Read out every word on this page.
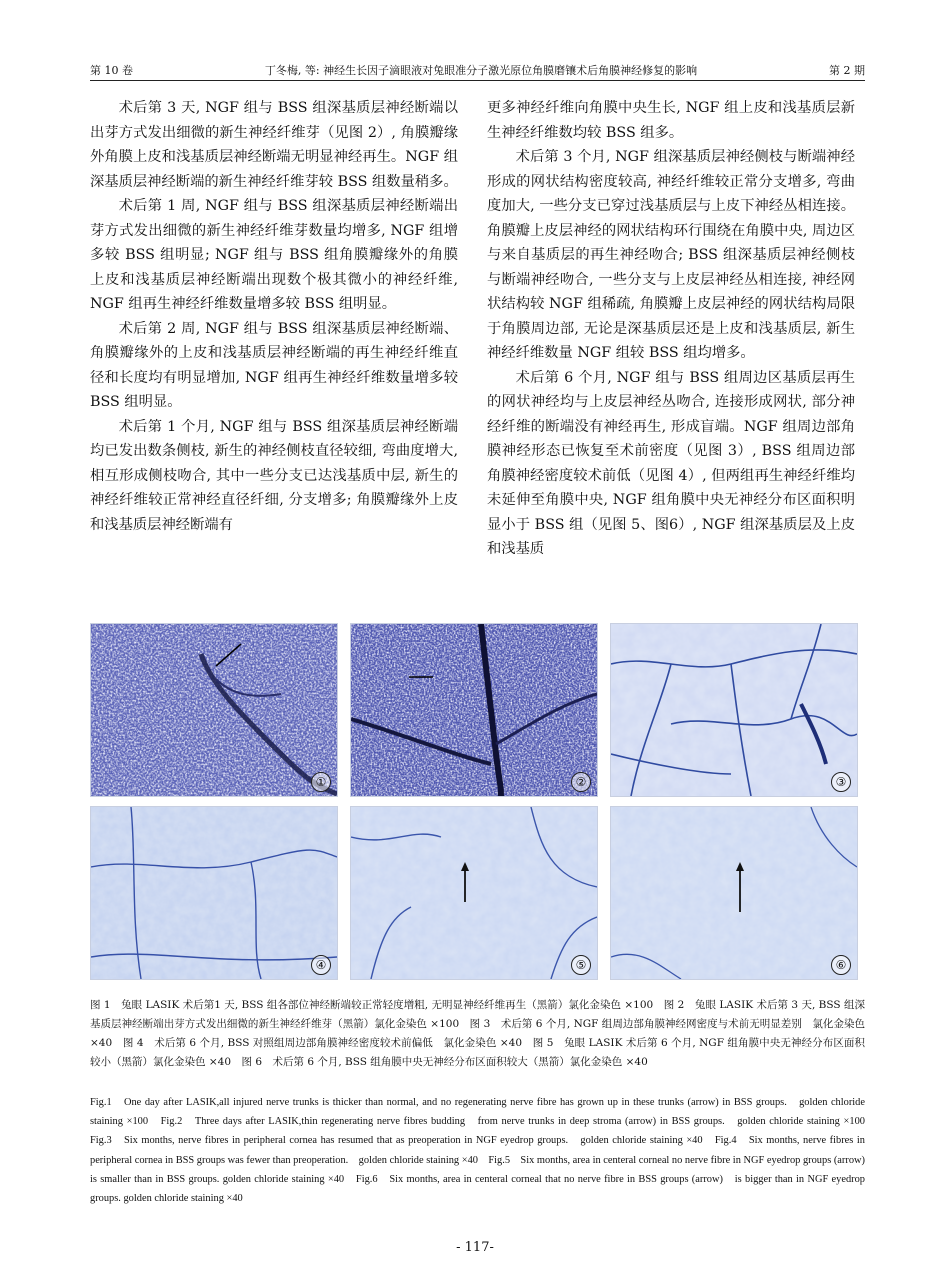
第 10 卷	丁冬梅, 等: 神经生长因子滴眼液对兔眼准分子激光原位角膜磨镶术后角膜神经修复的影响	第 2 期

术后第 3 天, NGF 组与 BSS 组深基质层神经断端以出芽方式发出细微的新生神经纤维芽（见图 2）, 角膜瓣缘外角膜上皮和浅基质层神经断端无明显神经再生。NGF 组深基质层神经断端的新生神经纤维芽较 BSS 组数量稍多。

术后第 1 周, NGF 组与 BSS 组深基质层神经断端出芽方式发出细微的新生神经纤维芽数量均增多, NGF 组增多较 BSS 组明显; NGF 组与 BSS 组角膜瓣缘外的角膜上皮和浅基质层神经断端出现数个极其微小的神经纤维, NGF 组再生神经纤维数量增多较 BSS 组明显。

术后第 2 周, NGF 组与 BSS 组深基质层神经断端、角膜瓣缘外的上皮和浅基质层神经断端的再生神经纤维直径和长度均有明显增加, NGF 组再生神经纤维数量增多较 BSS 组明显。

术后第 1 个月, NGF 组与 BSS 组深基质层神经断端均已发出数条侧枝, 新生的神经侧枝直径较细, 弯曲度增大, 相互形成侧枝吻合, 其中一些分支已达浅基质中层, 新生的神经纤维较正常神经直径纤细, 分支增多; 角膜瓣缘外上皮和浅基质层神经断端有

更多神经纤维向角膜中央生长, NGF 组上皮和浅基质层新生神经纤维数均较 BSS 组多。

术后第 3 个月, NGF 组深基质层神经侧枝与断端神经形成的网状结构密度较高, 神经纤维较正常分支增多, 弯曲度加大, 一些分支已穿过浅基质层与上皮下神经丛相连接。角膜瓣上皮层神经的网状结构环行围绕在角膜中央, 周边区与来自基质层的再生神经吻合; BSS 组深基质层神经侧枝与断端神经吻合, 一些分支与上皮层神经丛相连接, 神经网状结构较 NGF 组稀疏, 角膜瓣上皮层神经的网状结构局限于角膜周边部, 无论是深基质层还是上皮和浅基质层, 新生神经纤维数量 NGF 组较 BSS 组均增多。

术后第 6 个月, NGF 组与 BSS 组周边区基质层再生的网状神经均与上皮层神经丛吻合, 连接形成网状, 部分神经纤维的断端没有神经再生, 形成盲端。NGF 组周边部角膜神经形态已恢复至术前密度（见图 3）, BSS 组周边部角膜神经密度较术前低（见图 4）, 但两组再生神经纤维均未延伸至角膜中央, NGF 组角膜中央无神经分布区面积明显小于 BSS 组（见图 5、图6）, NGF 组深基质层及上皮和浅基质

①	②	③
④	⑤	⑥
图 1　兔眼 LASIK 术后第1 天, BSS 组各部位神经断端较正常轻度增粗, 无明显神经纤维再生（黑箭）氯化金染色 ×100　图 2　兔眼 LASIK 术后第 3 天, BSS 组深基质层神经断端出芽方式发出细微的新生神经纤维芽（黑箭）氯化金染色 ×100　图 3　术后第 6 个月, NGF 组周边部角膜神经网密度与术前无明显差别　氯化金染色 ×40　图 4　术后第 6 个月, BSS 对照组周边部角膜神经密度较术前偏低　氯化金染色 ×40　图 5　兔眼 LASIK 术后第 6 个月, NGF 组角膜中央无神经分布区面积较小（黑箭）氯化金染色 ×40　图 6　术后第 6 个月, BSS 组角膜中央无神经分布区面积较大（黑箭）氯化金染色 ×40
Fig.1　One day after LASIK,all injured nerve trunks is thicker than normal, and no regenerating nerve fibre has grown up in these trunks (arrow) in BSS groups.　golden chloride staining ×100　Fig.2　Three days after LASIK,thin regenerating nerve fibres budding　from nerve trunks in deep stroma (arrow) in BSS groups.　golden chloride staining ×100　Fig.3　Six months, nerve fibres in peripheral cornea has resumed that as preoperation in NGF eyedrop groups.　golden chloride staining ×40　Fig.4　Six months, nerve fibres in peripheral cornea in BSS groups was fewer than preoperation.　golden chloride staining ×40　Fig.5　Six months, area in centeral corneal no nerve fibre in NGF eyedrop groups (arrow)　is smaller than in BSS groups. golden chloride staining ×40　Fig.6　Six months, area in centeral corneal that no nerve fibre in BSS groups (arrow)　is bigger than in NGF eyedrop groups. golden chloride staining ×40
- 117-
